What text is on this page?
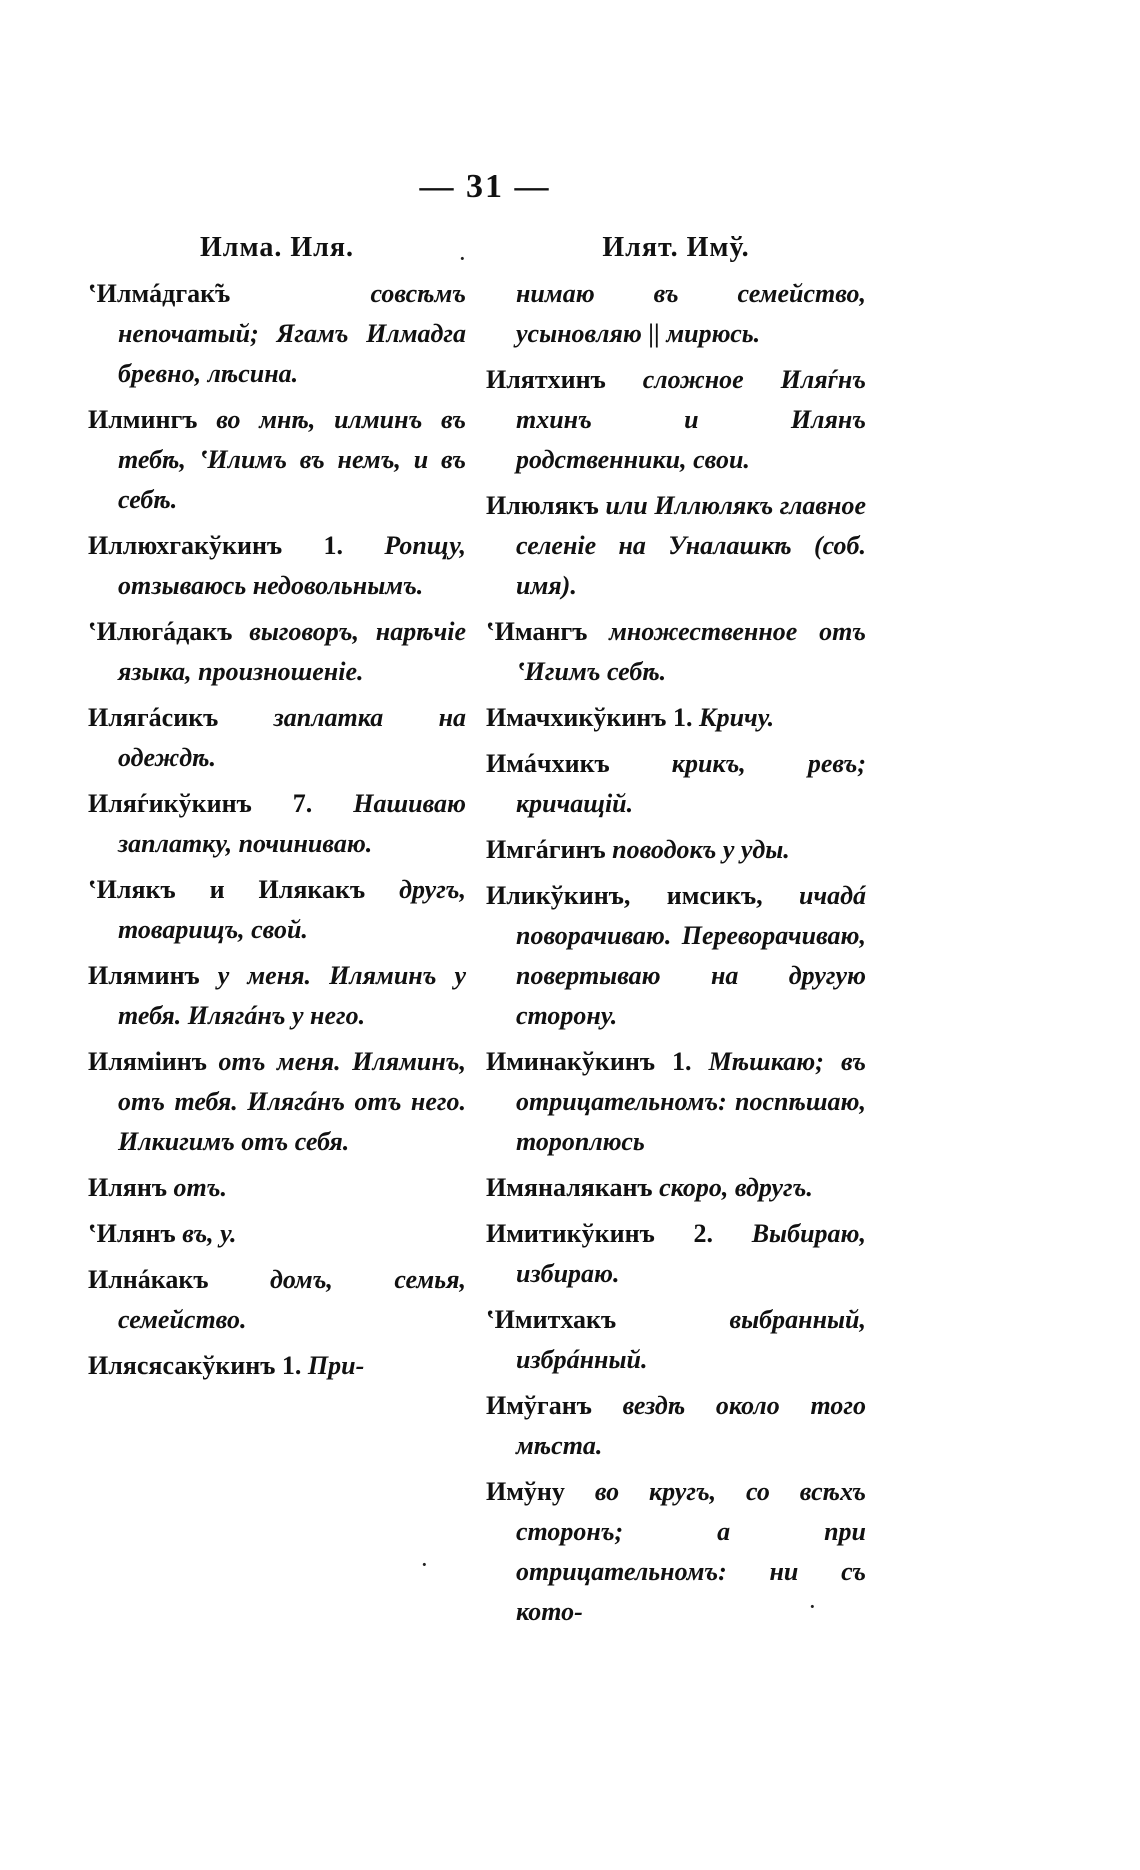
— 31 —
Илма. Иля.
ʽИлмáдгак̃ъ	совсѣмъ непочатый; Ягамъ Илмадга бревно, лѣсина.
Илмингъ во мнѣ, илминъ въ тебѣ, ʽИлимъ въ немъ, и въ себѣ.
Иллюхгакўкинъ 1. Ропщу, отзываюсь недовольнымъ.
ʽИлюгáдакъ выговоръ, нарѣчіе языка, произношеніе.
Илягáсикъ заплатка на одеждѣ.
Иляѓикўкинъ 7. Нашиваю заплатку, починиваю.
ʽИлякъ и Илякакъ другъ, товарищъ, свой.
Иляминъ у меня. Иляминъ у тебя. Илягáнъ у него.
Иляміинъ отъ меня. Иляминъ, отъ тебя. Илягáнъ отъ него. Илкигимъ отъ себя.
Илянъ отъ.
ʽИлянъ въ, у.
Илнáкакъ домъ, семья, семейство.
Илясясакўкинъ 1. При-
Илят. Имў.
нимаю въ семейство, усыновляю || мирюсь.
Илятхинъ сложное Иляѓнъ тхинъ и Илянъ родственники, свои.
Илюлякъ или Иллюлякъ главное селеніе на Уналашкѣ (соб. имя).
ʽИмангъ множественное отъ ʽИгимъ себѣ.
Имачхикўкинъ 1. Кричу.
Имáчхикъ крикъ, ревъ; кричащій.
Имгáгинъ поводокъ у уды.
Иликўкинъ, имсикъ, ичадá поворачиваю. Переворачиваю, повертываю на другую сторону.
Иминакўкинъ 1. Мѣшкаю; въ отрицательномъ: поспѣшаю, тороплюсь
Имяналяканъ скоро, вдругъ.
Имитикўкинъ 2. Выбираю, избираю.
ʽИмитхакъ	выбранный, избрáнный.
Имўганъ вездѣ около того мѣста.
Имўну во кругъ, со всѣхъ сторонъ; а при отрицательномъ: ни съ кото-
·
·
·
